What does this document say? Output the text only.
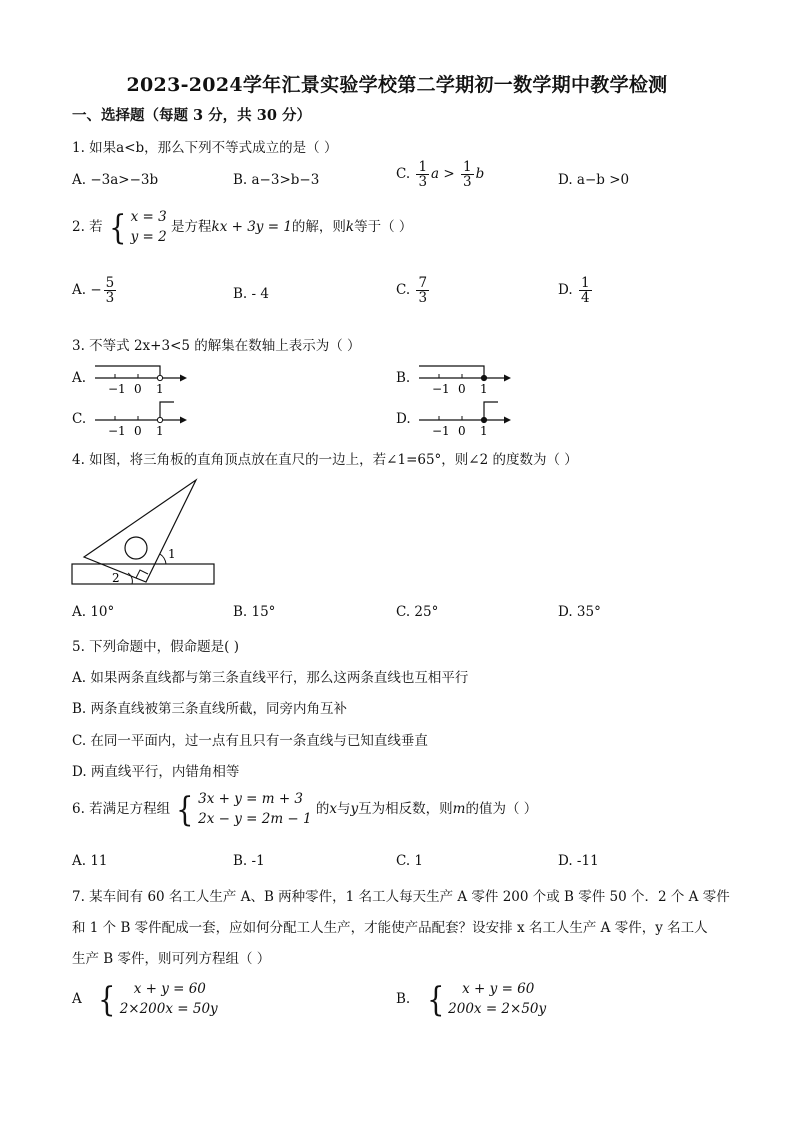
2023-2024学年汇景实验学校第二学期初一数学期中教学检测
一、选择题（每题 3 分，共 30 分）
1. 如果a<b，那么下列不等式成立的是（ ）
A. −3a>−3b	B. a−3>b−3	C. $\frac{1}{3}$ $a > \frac{1}{3}$ b	D. a−b >0
2. 若 { x = 3
y = 2
是方程kx + 3y = 1的解，则k等于（ ）
A. − $\frac{5}{3}$	B. - 4	C. $\frac{7}{3}$	D. $\frac{1}{4}$
3. 不等式 2x+3<5 的解集在数轴上表示为（ ）
A.
−1 0 1
B.
−1 0 1
C.
−1 0 1
D.
−1 0 1
4. 如图，将三角板的直角顶点放在直尺的一边上，若∠1=65°，则∠2 的度数为（ ）
1
2
A. 10°	B. 15°	C. 25°	D. 35°
5. 下列命题中，假命题是( )
A. 如果两条直线都与第三条直线平行，那么这两条直线也互相平行
B. 两条直线被第三条直线所截，同旁内角互补
C. 在同一平面内，过一点有且只有一条直线与已知直线垂直
D. 两直线平行，内错角相等
6. 若满足方程组 { 3x + y = m + 3
2x − y = 2m − 1
的x与y互为相反数，则m的值为（ ）
A. 11	B. -1	C. 1	D. -11
7. 某车间有 60 名工人生产 A、B 两种零件，1 名工人每天生产 A 零件 200 个或 B 零件 50 个．2 个 A 零件
和 1 个 B 零件配成一套，应如何分配工人生产，才能使产品配套？设安排 x 名工人生产 A 零件，y 名工人
生产 B 零件，则可列方程组（ ）
A {	x + y = 60
2×200x = 50y
B. {	x + y = 60
200x = 2×50y
